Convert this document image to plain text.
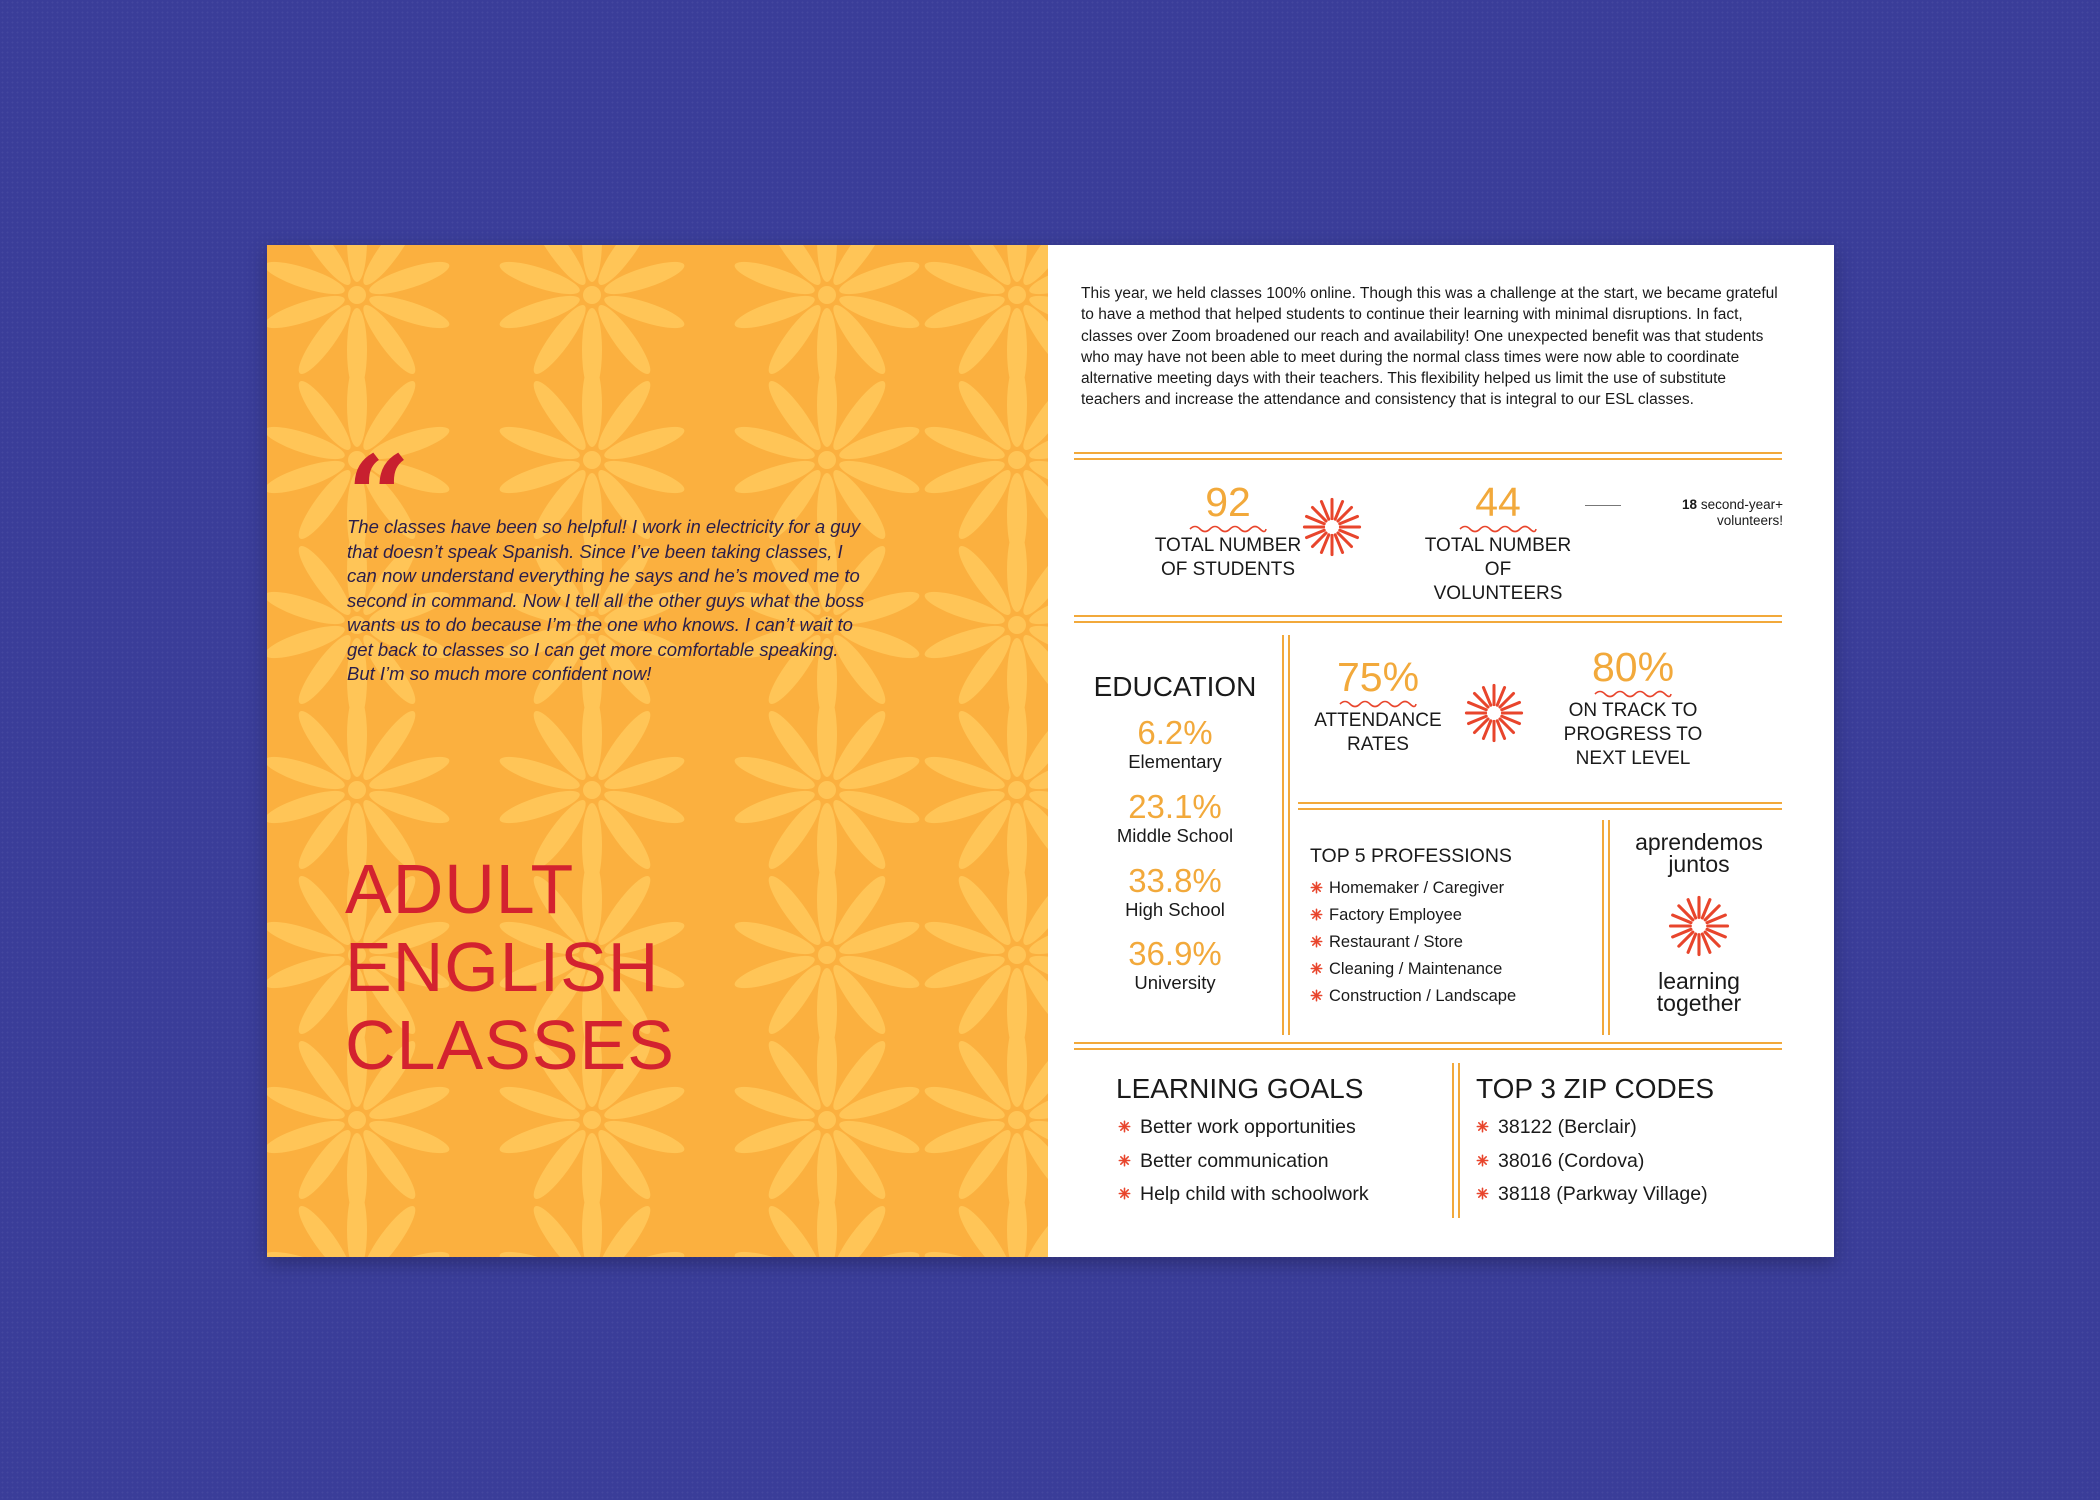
“
The classes have been so helpful! I work in electricity for a guy that doesn’t speak Spanish. Since I’ve been taking classes, I can now understand everything he says and he’s moved me to second in command. Now I tell all the other guys what the boss wants us to do because I’m the one who knows. I can’t wait to get back to classes so I can get more comfortable speaking. But I’m so much more confident now!
ADULT
ENGLISH
CLASSES
This year, we held classes 100% online. Though this was a challenge at the start, we became grateful to have a method that helped students to continue their learning with minimal disruptions. In fact, classes over Zoom broadened our reach and availability! One unexpected benefit was that students who may have not been able to meet during the normal class times were now able to coordinate alternative meeting days with their teachers. This flexibility helped us limit the use of substitute teachers and increase the attendance and consistency that is integral to our ESL classes.
92
TOTAL NUMBER
OF STUDENTS
44
TOTAL NUMBER
OF VOLUNTEERS
18 second-year+
volunteers!
EDUCATION
6.2%
Elementary
23.1%
Middle School
33.8%
High School
36.9%
University
75%
ATTENDANCE
RATES
80%
ON TRACK TO
PROGRESS TO
NEXT LEVEL
TOP 5 PROFESSIONS
Homemaker / Caregiver
Factory Employee
Restaurant / Store
Cleaning / Maintenance
Construction / Landscape
aprendemos
juntos
learning
together
LEARNING GOALS
Better work opportunities
Better communication
Help child with schoolwork
TOP 3 ZIP CODES
38122 (Berclair)
38016 (Cordova)
38118 (Parkway Village)
